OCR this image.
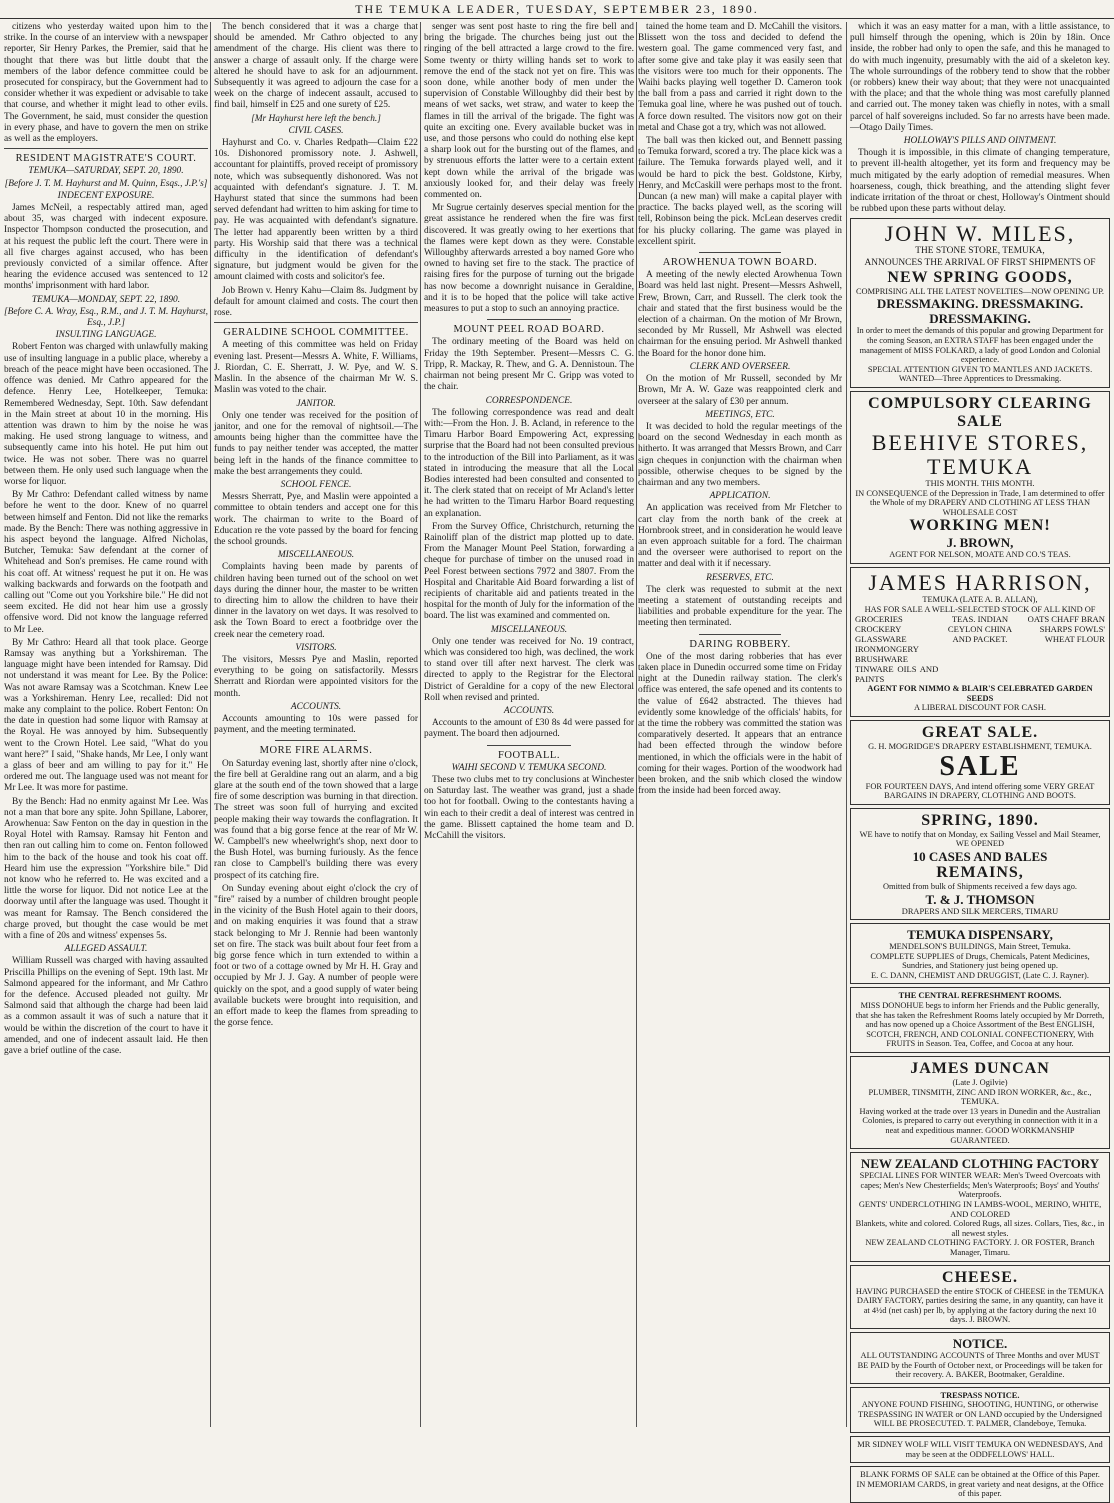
THE TEMUKA LEADER, TUESDAY, SEPTEMBER 23, 1890.

citizens who yesterday waited upon him to the strike. In the course of an interview with a newspaper reporter, Sir Henry Parkes, the Premier, said that he thought that there was but little doubt that the members of the labor defence committee could be prosecuted for conspiracy, but the Government had to consider whether it was expedient or advisable to take that course, and whether it might lead to other evils. The Government, he said, must consider the question in every phase, and have to govern the men on strike as well as the employers.

RESIDENT MAGISTRATE'S COURT.

TEMUKA—SATURDAY, SEPT. 20, 1890.

[Before J. T. M. Hayhurst and M. Quinn, Esqs., J.P.'s]

INDECENT EXPOSURE.

James McNeil, a respectably attired man, aged about 35, was charged with indecent exposure. Inspector Thompson conducted the prosecution, and at his request the public left the court. There were in all five charges against accused, who has been previously convicted of a similar offence. After hearing the evidence accused was sentenced to 12 months' imprisonment with hard labor.

TEMUKA—MONDAY, SEPT. 22, 1890.

[Before C. A. Wray, Esq., R.M., and J. T. M. Hayhurst, Esq., J.P.]

INSULTING LANGUAGE.

Robert Fenton was charged with unlawfully making use of insulting language in a public place, whereby a breach of the peace might have been occasioned. The offence was denied. Mr Cathro appeared for the defence. Henry Lee, Hotelkeeper, Temuka: Remembered Wednesday, Sept. 10th. Saw defendant in the Main street at about 10 in the morning. His attention was drawn to him by the noise he was making. He used strong language to witness, and subsequently came into his hotel. He put him out twice. He was not sober. There was no quarrel between them. He only used such language when the worse for liquor.

By Mr Cathro: Defendant called witness by name before he went to the door. Knew of no quarrel between himself and Fenton. Did not like the remarks made. By the Bench: There was nothing aggressive in his aspect beyond the language. Alfred Nicholas, Butcher, Temuka: Saw defendant at the corner of Whitehead and Son's premises. He came round with his coat off. At witness' request he put it on. He was walking backwards and forwards on the footpath and calling out "Come out you Yorkshire bile." He did not seem excited. He did not hear him use a grossly offensive word. Did not know the language referred to Mr Lee.

By Mr Cathro: Heard all that took place. George Ramsay was anything but a Yorkshireman. The language might have been intended for Ramsay. Did not understand it was meant for Lee. By the Police: Was not aware Ramsay was a Scotchman. Knew Lee was a Yorkshireman. Henry Lee, recalled: Did not make any complaint to the police. Robert Fenton: On the date in question had some liquor with Ramsay at the Royal. He was annoyed by him. Subsequently went to the Crown Hotel. Lee said, "What do you want here?" I said, "Shake hands, Mr Lee, I only want a glass of beer and am willing to pay for it." He ordered me out. The language used was not meant for Mr Lee. It was more for pastime.

By the Bench: Had no enmity against Mr Lee. Was not a man that bore any spite. John Spillane, Laborer, Arowhenua: Saw Fenton on the day in question in the Royal Hotel with Ramsay. Ramsay hit Fenton and then ran out calling him to come on. Fenton followed him to the back of the house and took his coat off. Heard him use the expression "Yorkshire bile." Did not know who he referred to. He was excited and a little the worse for liquor. Did not notice Lee at the doorway until after the language was used. Thought it was meant for Ramsay. The Bench considered the charge proved, but thought the case would be met with a fine of 20s and witness' expenses 5s.

ALLEGED ASSAULT.

William Russell was charged with having assaulted Priscilla Phillips on the evening of Sept. 19th last. Mr Salmond appeared for the informant, and Mr Cathro for the defence. Accused pleaded not guilty. Mr Salmond said that although the charge had been laid as a common assault it was of such a nature that it would be within the discretion of the court to have it amended, and one of indecent assault laid. He then gave a brief outline of the case.

The bench considered that it was a charge that should be amended. Mr Cathro objected to any amendment of the charge. His client was there to answer a charge of assault only. If the charge were altered he should have to ask for an adjournment. Subsequently it was agreed to adjourn the case for a week on the charge of indecent assault, accused to find bail, himself in £25 and one surety of £25.

[Mr Hayhurst here left the bench.]

CIVIL CASES.

Hayhurst and Co. v. Charles Redpath—Claim £22 10s. Dishonored promissory note. J. Ashwell, accountant for plaintiffs, proved receipt of promissory note, which was subsequently dishonored. Was not acquainted with defendant's signature. J. T. M. Hayhurst stated that since the summons had been served defendant had written to him asking for time to pay. He was acquainted with defendant's signature. The letter had apparently been written by a third party. His Worship said that there was a technical difficulty in the identification of defendant's signature, but judgment would be given for the amount claimed with costs and solicitor's fee.

Job Brown v. Henry Kahu—Claim 8s. Judgment by default for amount claimed and costs. The court then rose.

GERALDINE SCHOOL COMMITTEE.

A meeting of this committee was held on Friday evening last. Present—Messrs A. White, F. Williams, J. Riordan, C. E. Sherratt, J. W. Pye, and W. S. Maslin. In the absence of the chairman Mr W. S. Maslin was voted to the chair.

JANITOR.

Only one tender was received for the position of janitor, and one for the removal of nightsoil.—The amounts being higher than the committee have the funds to pay neither tender was accepted, the matter being left in the hands of the finance committee to make the best arrangements they could.

SCHOOL FENCE.

Messrs Sherratt, Pye, and Maslin were appointed a committee to obtain tenders and accept one for this work. The chairman to write to the Board of Education re the vote passed by the board for fencing the school grounds.

MISCELLANEOUS.

Complaints having been made by parents of children having been turned out of the school on wet days during the dinner hour, the master to be written to directing him to allow the children to have their dinner in the lavatory on wet days. It was resolved to ask the Town Board to erect a footbridge over the creek near the cemetery road.

VISITORS.

The visitors, Messrs Pye and Maslin, reported everything to be going on satisfactorily. Messrs Sherratt and Riordan were appointed visitors for the month.

ACCOUNTS.

Accounts amounting to 10s were passed for payment, and the meeting terminated.

MORE FIRE ALARMS.

On Saturday evening last, shortly after nine o'clock, the fire bell at Geraldine rang out an alarm, and a big glare at the south end of the town showed that a large fire of some description was burning in that direction. The street was soon full of hurrying and excited people making their way towards the conflagration. It was found that a big gorse fence at the rear of Mr W. W. Campbell's new wheelwright's shop, next door to the Bush Hotel, was burning furiously. As the fence ran close to Campbell's building there was every prospect of its catching fire.

On Sunday evening about eight o'clock the cry of "fire" raised by a number of children brought people in the vicinity of the Bush Hotel again to their doors, and on making enquiries it was found that a straw stack belonging to Mr J. Rennie had been wantonly set on fire. The stack was built about four feet from a big gorse fence which in turn extended to within a foot or two of a cottage owned by Mr H. H. Gray and occupied by Mr J. J. Gay. A number of people were quickly on the spot, and a good supply of water being available buckets were brought into requisition, and an effort made to keep the flames from spreading to the gorse fence.

senger was sent post haste to ring the fire bell and bring the brigade. The churches being just out the ringing of the bell attracted a large crowd to the fire. Some twenty or thirty willing hands set to work to remove the end of the stack not yet on fire. This was soon done, while another body of men under the supervision of Constable Willoughby did their best by means of wet sacks, wet straw, and water to keep the flames in till the arrival of the brigade. The fight was quite an exciting one. Every available bucket was in use, and those persons who could do nothing else kept a sharp look out for the bursting out of the flames, and by strenuous efforts the latter were to a certain extent kept down while the arrival of the brigade was anxiously looked for, and their delay was freely commented on.

Mr Sugrue certainly deserves special mention for the great assistance he rendered when the fire was first discovered. It was greatly owing to her exertions that the flames were kept down as they were. Constable Willoughby afterwards arrested a boy named Gore who owned to having set fire to the stack. The practice of raising fires for the purpose of turning out the brigade has now become a downright nuisance in Geraldine, and it is to be hoped that the police will take active measures to put a stop to such an annoying practice.

MOUNT PEEL ROAD BOARD.

The ordinary meeting of the Board was held on Friday the 19th September. Present—Messrs C. G. Tripp, R. Mackay, R. Thew, and G. A. Dennistoun. The chairman not being present Mr C. Gripp was voted to the chair.

CORRESPONDENCE.

The following correspondence was read and dealt with:—From the Hon. J. B. Acland, in reference to the Timaru Harbor Board Empowering Act, expressing surprise that the Board had not been consulted previous to the introduction of the Bill into Parliament, as it was stated in introducing the measure that all the Local Bodies interested had been consulted and consented to it. The clerk stated that on receipt of Mr Acland's letter he had written to the Timaru Harbor Board requesting an explanation.

From the Survey Office, Christchurch, returning the Rainoliff plan of the district map plotted up to date. From the Manager Mount Peel Station, forwarding a cheque for purchase of timber on the unused road in Peel Forest between sections 7972 and 3807. From the Hospital and Charitable Aid Board forwarding a list of recipients of charitable aid and patients treated in the hospital for the month of July for the information of the board. The list was examined and commented on.

MISCELLANEOUS.

Only one tender was received for No. 19 contract, which was considered too high, was declined, the work to stand over till after next harvest. The clerk was directed to apply to the Registrar for the Electoral District of Geraldine for a copy of the new Electoral Roll when revised and printed.

ACCOUNTS.

Accounts to the amount of £30 8s 4d were passed for payment. The board then adjourned.

FOOTBALL.

WAIHI SECOND V. TEMUKA SECOND.

These two clubs met to try conclusions at Winchester on Saturday last. The weather was grand, just a shade too hot for football. Owing to the contestants having a win each to their credit a deal of interest was centred in the game. Blissett captained the home team and D. McCahill the visitors.

tained the home team and D. McCahill the visitors. Blissett won the toss and decided to defend the western goal. The game commenced very fast, and after some give and take play it was easily seen that the visitors were too much for their opponents. The Waihi backs playing well together D. Cameron took the ball from a pass and carried it right down to the Temuka goal line, where he was pushed out of touch. A force down resulted. The visitors now got on their metal and Chase got a try, which was not allowed.

The ball was then kicked out, and Bennett passing to Temuka forward, scored a try. The place kick was a failure. The Temuka forwards played well, and it would be hard to pick the best. Goldstone, Kirby, Henry, and McCaskill were perhaps most to the front. Duncan (a new man) will make a capital player with practice. The backs played well, as the scoring will tell, Robinson being the pick. McLean deserves credit for his plucky collaring. The game was played in excellent spirit.

AROWHENUA TOWN BOARD.

A meeting of the newly elected Arowhenua Town Board was held last night. Present—Messrs Ashwell, Frew, Brown, Carr, and Russell. The clerk took the chair and stated that the first business would be the election of a chairman. On the motion of Mr Brown, seconded by Mr Russell, Mr Ashwell was elected chairman for the ensuing period. Mr Ashwell thanked the Board for the honor done him.

CLERK AND OVERSEER.

On the motion of Mr Russell, seconded by Mr Brown, Mr A. W. Gaze was reappointed clerk and overseer at the salary of £30 per annum.

MEETINGS, ETC.

It was decided to hold the regular meetings of the board on the second Wednesday in each month as hitherto. It was arranged that Messrs Brown, and Carr sign cheques in conjunction with the chairman when possible, otherwise cheques to be signed by the chairman and any two members.

APPLICATION.

An application was received from Mr Fletcher to cart clay from the north bank of the creek at Hornbrook street, and in consideration he would leave an even approach suitable for a ford. The chairman and the overseer were authorised to report on the matter and deal with it if necessary.

RESERVES, ETC.

The clerk was requested to submit at the next meeting a statement of outstanding receipts and liabilities and probable expenditure for the year. The meeting then terminated.

DARING ROBBERY.

One of the most daring robberies that has ever taken place in Dunedin occurred some time on Friday night at the Dunedin railway station. The clerk's office was entered, the safe opened and its contents to the value of £642 abstracted. The thieves had evidently some knowledge of the officials' habits, for at the time the robbery was committed the station was comparatively deserted. It appears that an entrance had been effected through the window before mentioned, in which the officials were in the habit of coming for their wages. Portion of the woodwork had been broken, and the snib which closed the window from the inside had been forced away.

which it was an easy matter for a man, with a little assistance, to pull himself through the opening, which is 20in by 18in. Once inside, the robber had only to open the safe, and this he managed to do with much ingenuity, presumably with the aid of a skeleton key. The whole surroundings of the robbery tend to show that the robber (or robbers) knew their way about; that they were not unacquainted with the place; and that the whole thing was most carefully planned and carried out. The money taken was chiefly in notes, with a small parcel of half sovereigns included. So far no arrests have been made.—Otago Daily Times.

HOLLOWAY'S PILLS AND OINTMENT.

Though it is impossible, in this climate of changing temperature, to prevent ill-health altogether, yet its form and frequency may be much mitigated by the early adoption of remedial measures. When hoarseness, cough, thick breathing, and the attending slight fever indicate irritation of the throat or chest, Holloway's Ointment should be rubbed upon these parts without delay.

JOHN W. MILES,
THE STONE STORE, TEMUKA,
ANNOUNCES THE ARRIVAL OF FIRST SHIPMENTS OF
NEW SPRING GOODS,
COMPRISING ALL THE LATEST NOVELTIES—NOW OPENING UP.
DRESSMAKING. DRESSMAKING. DRESSMAKING.
In order to meet the demands of this popular and growing Department for the coming Season, an EXTRA STAFF has been engaged under the management of MISS FOLKARD, a lady of good London and Colonial experience.
SPECIAL ATTENTION GIVEN TO MANTLES AND JACKETS.
WANTED—Three Apprentices to Dressmaking.
COMPULSORY CLEARING SALE
BEEHIVE STORES, TEMUKA
THIS MONTH. THIS MONTH.
IN CONSEQUENCE of the Depression in Trade, I am determined to offer the Whole of my DRAPERY AND CLOTHING AT LESS THAN WHOLESALE COST
WORKING MEN!
J. BROWN,
AGENT FOR NELSON, MOATE AND CO.'S TEAS.
JAMES HARRISON,
TEMUKA (LATE A. B. ALLAN),
HAS FOR SALE A WELL-SELECTED STOCK OF ALL KIND OF
GROCERIES CROCKERY GLASSWARE IRONMONGERY BRUSHWARE TINWARE OILS AND PAINTS
TEAS. INDIAN CEYLON CHINA AND PACKET.
OATS CHAFF BRAN SHARPS FOWLS' WHEAT FLOUR
AGENT FOR NIMMO & BLAIR'S CELEBRATED GARDEN SEEDS
A LIBERAL DISCOUNT FOR CASH.
GREAT SALE.
G. H. MOGRIDGE'S DRAPERY ESTABLISHMENT, TEMUKA.
SALE
FOR FOURTEEN DAYS, And intend offering some VERY GREAT BARGAINS IN DRAPERY, CLOTHING AND BOOTS.
SPRING, 1890.
WE have to notify that on Monday, ex Sailing Vessel and Mail Steamer, WE OPENED
10 CASES AND BALES
REMAINS,
Omitted from bulk of Shipments received a few days ago.
T. & J. THOMSON
DRAPERS AND SILK MERCERS, TIMARU
TEMUKA DISPENSARY,
MENDELSON'S BUILDINGS, Main Street, Temuka.
COMPLETE SUPPLIES of Drugs, Chemicals, Patent Medicines, Sundries, and Stationery just being opened up.
E. C. DANN, CHEMIST AND DRUGGIST, (Late C. J. Rayner).
THE CENTRAL REFRESHMENT ROOMS.
MISS DONOHUE begs to inform her Friends and the Public generally, that she has taken the Refreshment Rooms lately occupied by Mr Dorreth, and has now opened up a Choice Assortment of the Best ENGLISH, SCOTCH, FRENCH, AND COLONIAL CONFECTIONERY, With FRUITS in Season. Tea, Coffee, and Cocoa at any hour.
JAMES DUNCAN
(Late J. Ogilvie)
PLUMBER, TINSMITH, ZINC AND IRON WORKER, &c., &c., TEMUKA.
Having worked at the trade over 13 years in Dunedin and the Australian Colonies, is prepared to carry out everything in connection with it in a neat and expeditious manner. GOOD WORKMANSHIP GUARANTEED.
NEW ZEALAND CLOTHING FACTORY
SPECIAL LINES FOR WINTER WEAR: Men's Tweed Overcoats with capes; Men's New Chesterfields; Men's Waterproofs; Boys' and Youths' Waterproofs.
GENTS' UNDERCLOTHING IN LAMBS-WOOL, MERINO, WHITE, AND COLORED
Blankets, white and colored. Colored Rugs, all sizes. Collars, Ties, &c., in all newest styles.
NEW ZEALAND CLOTHING FACTORY. J. OR FOSTER, Branch Manager, Timaru.
CHEESE.
HAVING PURCHASED the entire STOCK of CHEESE in the TEMUKA DAIRY FACTORY, parties desiring the same, in any quantity, can have it at 4½d (net cash) per lb, by applying at the factory during the next 10 days. J. BROWN.
NOTICE.
ALL OUTSTANDING ACCOUNTS of Three Months and over MUST BE PAID by the Fourth of October next, or Proceedings will be taken for their recovery. A. BAKER, Bootmaker, Geraldine.
TRESPASS NOTICE.
ANYONE FOUND FISHING, SHOOTING, HUNTING, or otherwise TRESPASSING IN WATER or ON LAND occupied by the Undersigned WILL BE PROSECUTED. T. PALMER, Clandeboye, Temuka.
MR SIDNEY WOLF WILL VISIT TEMUKA ON WEDNESDAYS, And may be seen at the ODDFELLOWS' HALL.
BLANK FORMS OF SALE can be obtained at the Office of this Paper.
IN MEMORIAM CARDS, in great variety and neat designs, at the Office of this paper.
